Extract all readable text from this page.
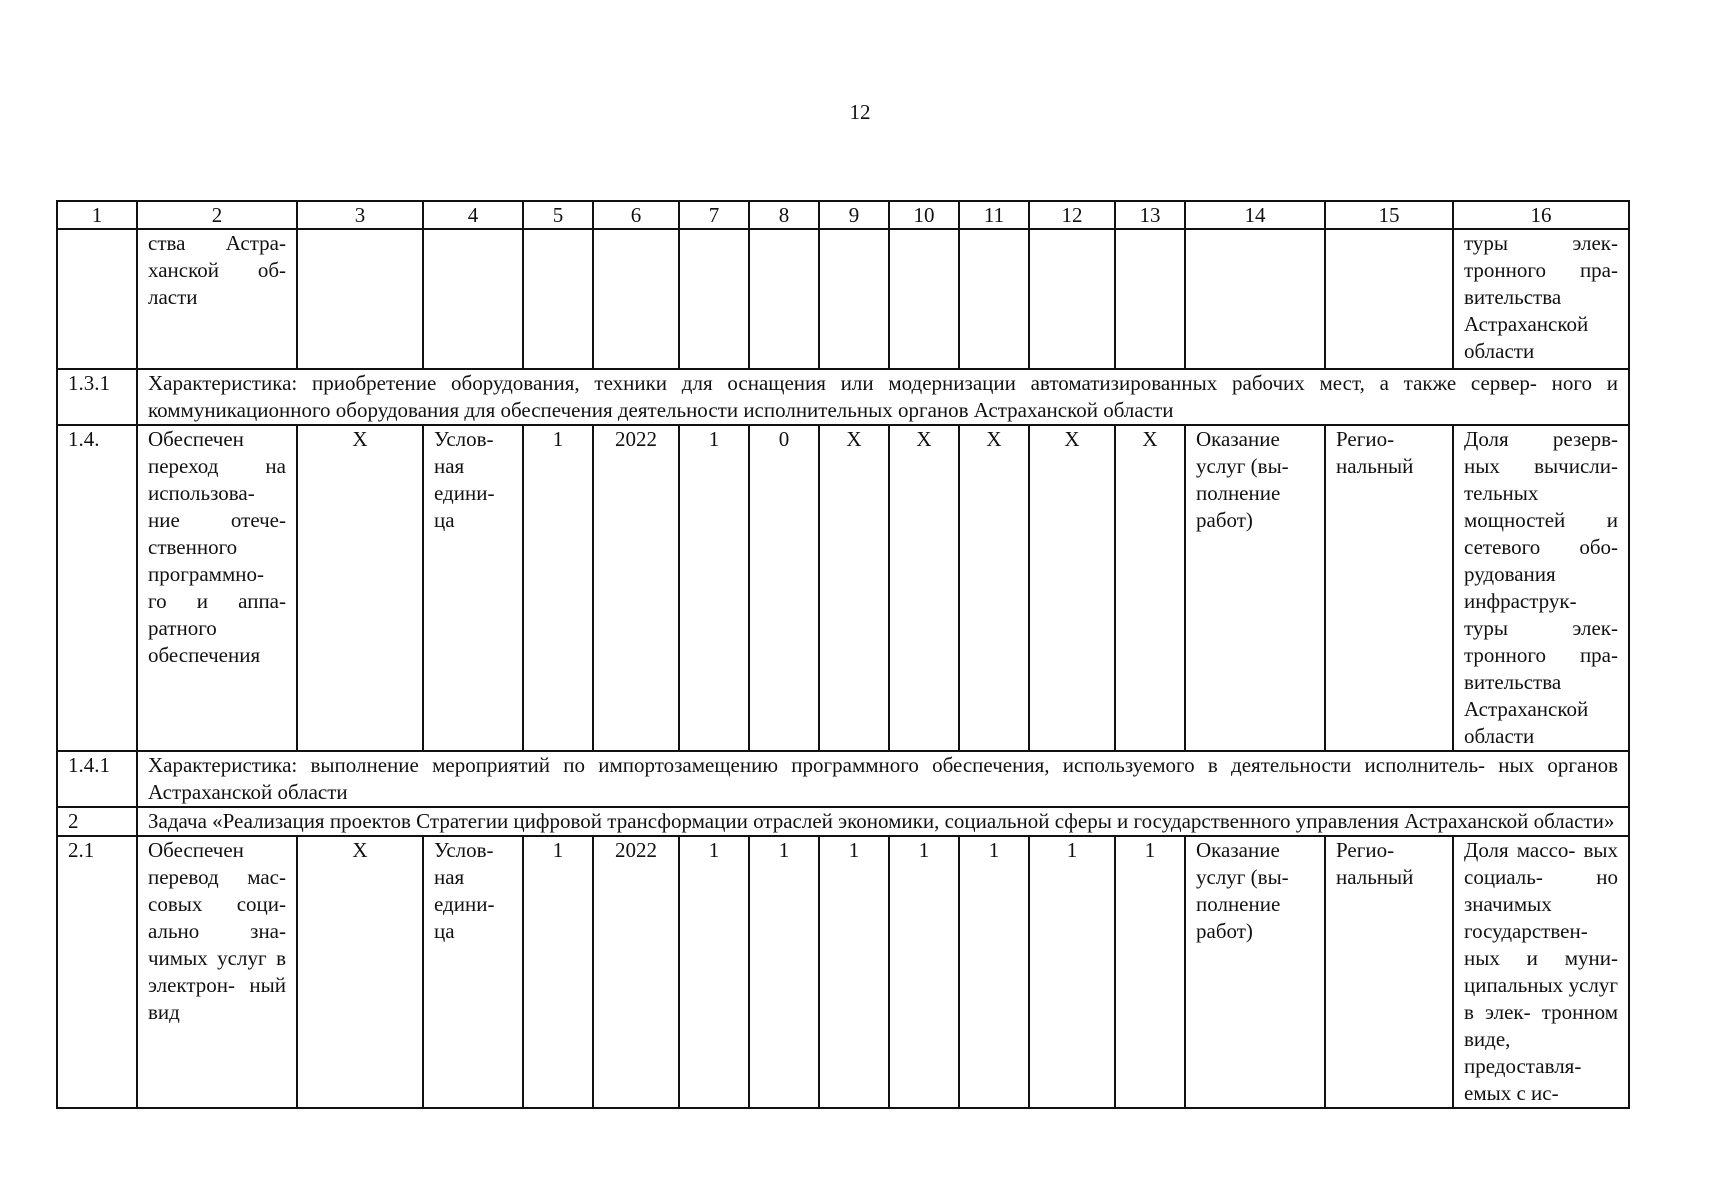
12
1	2	3	4	5	6	7	8	9	10	11	12	13	14	15	16
	ства Астра- ханской об- ласти														туры элек- тронного пра- вительства Астраханской области
1.3.1	Характеристика: приобретение оборудования, техники для оснащения или модернизации автоматизированных рабочих мест, а также сервер- ного и коммуникационного оборудования для обеспечения деятельности исполнительных органов Астраханской области														
1.4.	Обеспечен переход на использова- ние отече- ственного программно- го и аппа- ратного обеспечения	X	Услов- ная едини- ца	1	2022	1	0	X	X	X	X	X	Оказание услуг (вы- полнение работ)	Регио- нальный	Доля резерв- ных вычисли- тельных мощностей и сетевого обо- рудования инфраструк- туры элек- тронного пра- вительства Астраханской области
1.4.1	Характеристика: выполнение мероприятий по импортозамещению программного обеспечения, используемого в деятельности исполнитель- ных органов Астраханской области														
2	Задача «Реализация проектов Стратегии цифровой трансформации отраслей экономики, социальной сферы и государственного управления Астраханской области»														
2.1	Обеспечен перевод мас- совых соци- ально зна- чимых услуг в электрон- ный вид	X	Услов- ная едини- ца	1	2022	1	1	1	1	1	1	1	Оказание услуг (вы- полнение работ)	Регио- нальный	Доля массо- вых социаль- но значимых государствен- ных и муни- ципальных услуг в элек- тронном виде, предоставля- емых с ис-
